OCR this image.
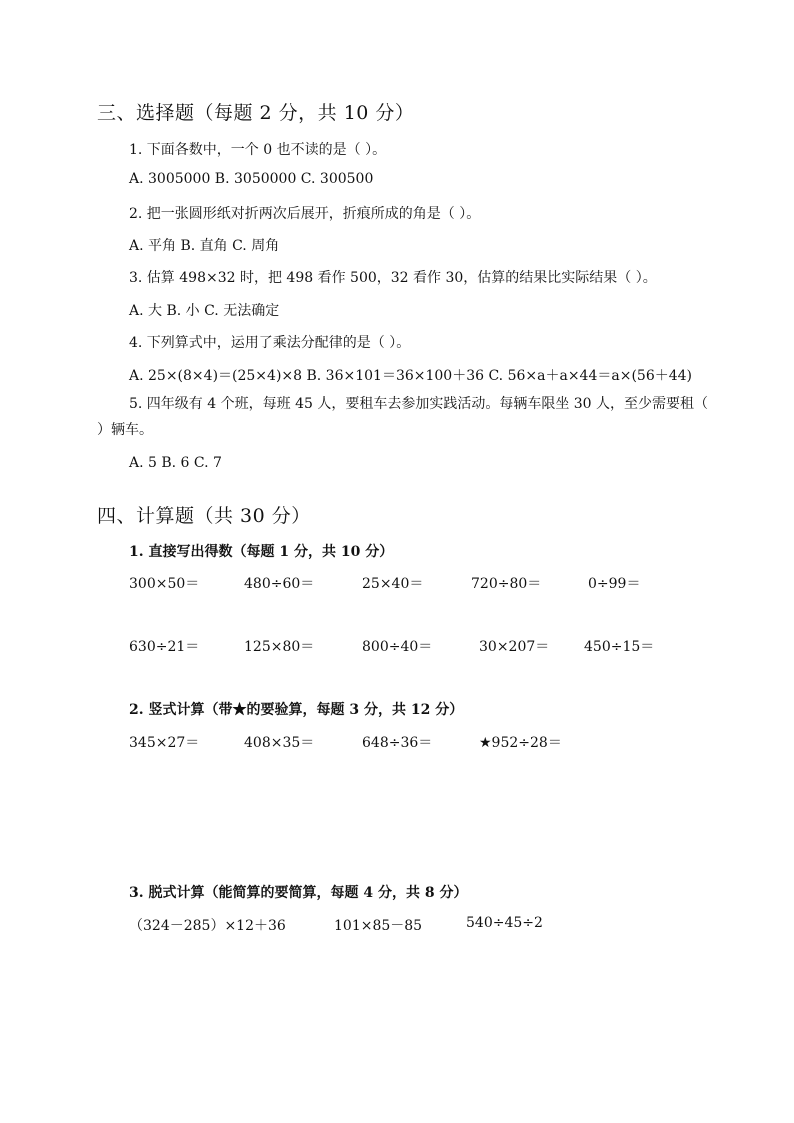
三、选择题（每题 2 分，共 10 分）
1. 下面各数中，一个 0 也不读的是（ ）。
A. 3005000 B. 3050000 C. 300500
2. 把一张圆形纸对折两次后展开，折痕所成的角是（ ）。
A. 平角 B. 直角 C. 周角
3. 估算 498×32 时，把 498 看作 500，32 看作 30，估算的结果比实际结果（ ）。
A. 大 B. 小 C. 无法确定
4. 下列算式中，运用了乘法分配律的是（ ）。
A. 25×(8×4)＝(25×4)×8 B. 36×101＝36×100＋36 C. 56×a＋a×44＝a×(56＋44)
5. 四年级有 4 个班，每班 45 人，要租车去参加实践活动。每辆车限坐 30 人，至少需要租（ ）辆车。
A. 5 B. 6 C. 7
四、计算题（共 30 分）
1. 直接写出得数（每题 1 分，共 10 分）
300×50＝	480÷60＝	25×40＝	720÷80＝	0÷99＝
630÷21＝	125×80＝	800÷40＝	30×207＝ 450÷15＝
2. 竖式计算（带★的要验算，每题 3 分，共 12 分）
345×27＝	408×35＝	648÷36＝	★952÷28＝
3. 脱式计算（能简算的要简算，每题 4 分，共 8 分）
（324－285）×12＋36	101×85－85	540÷45÷2
